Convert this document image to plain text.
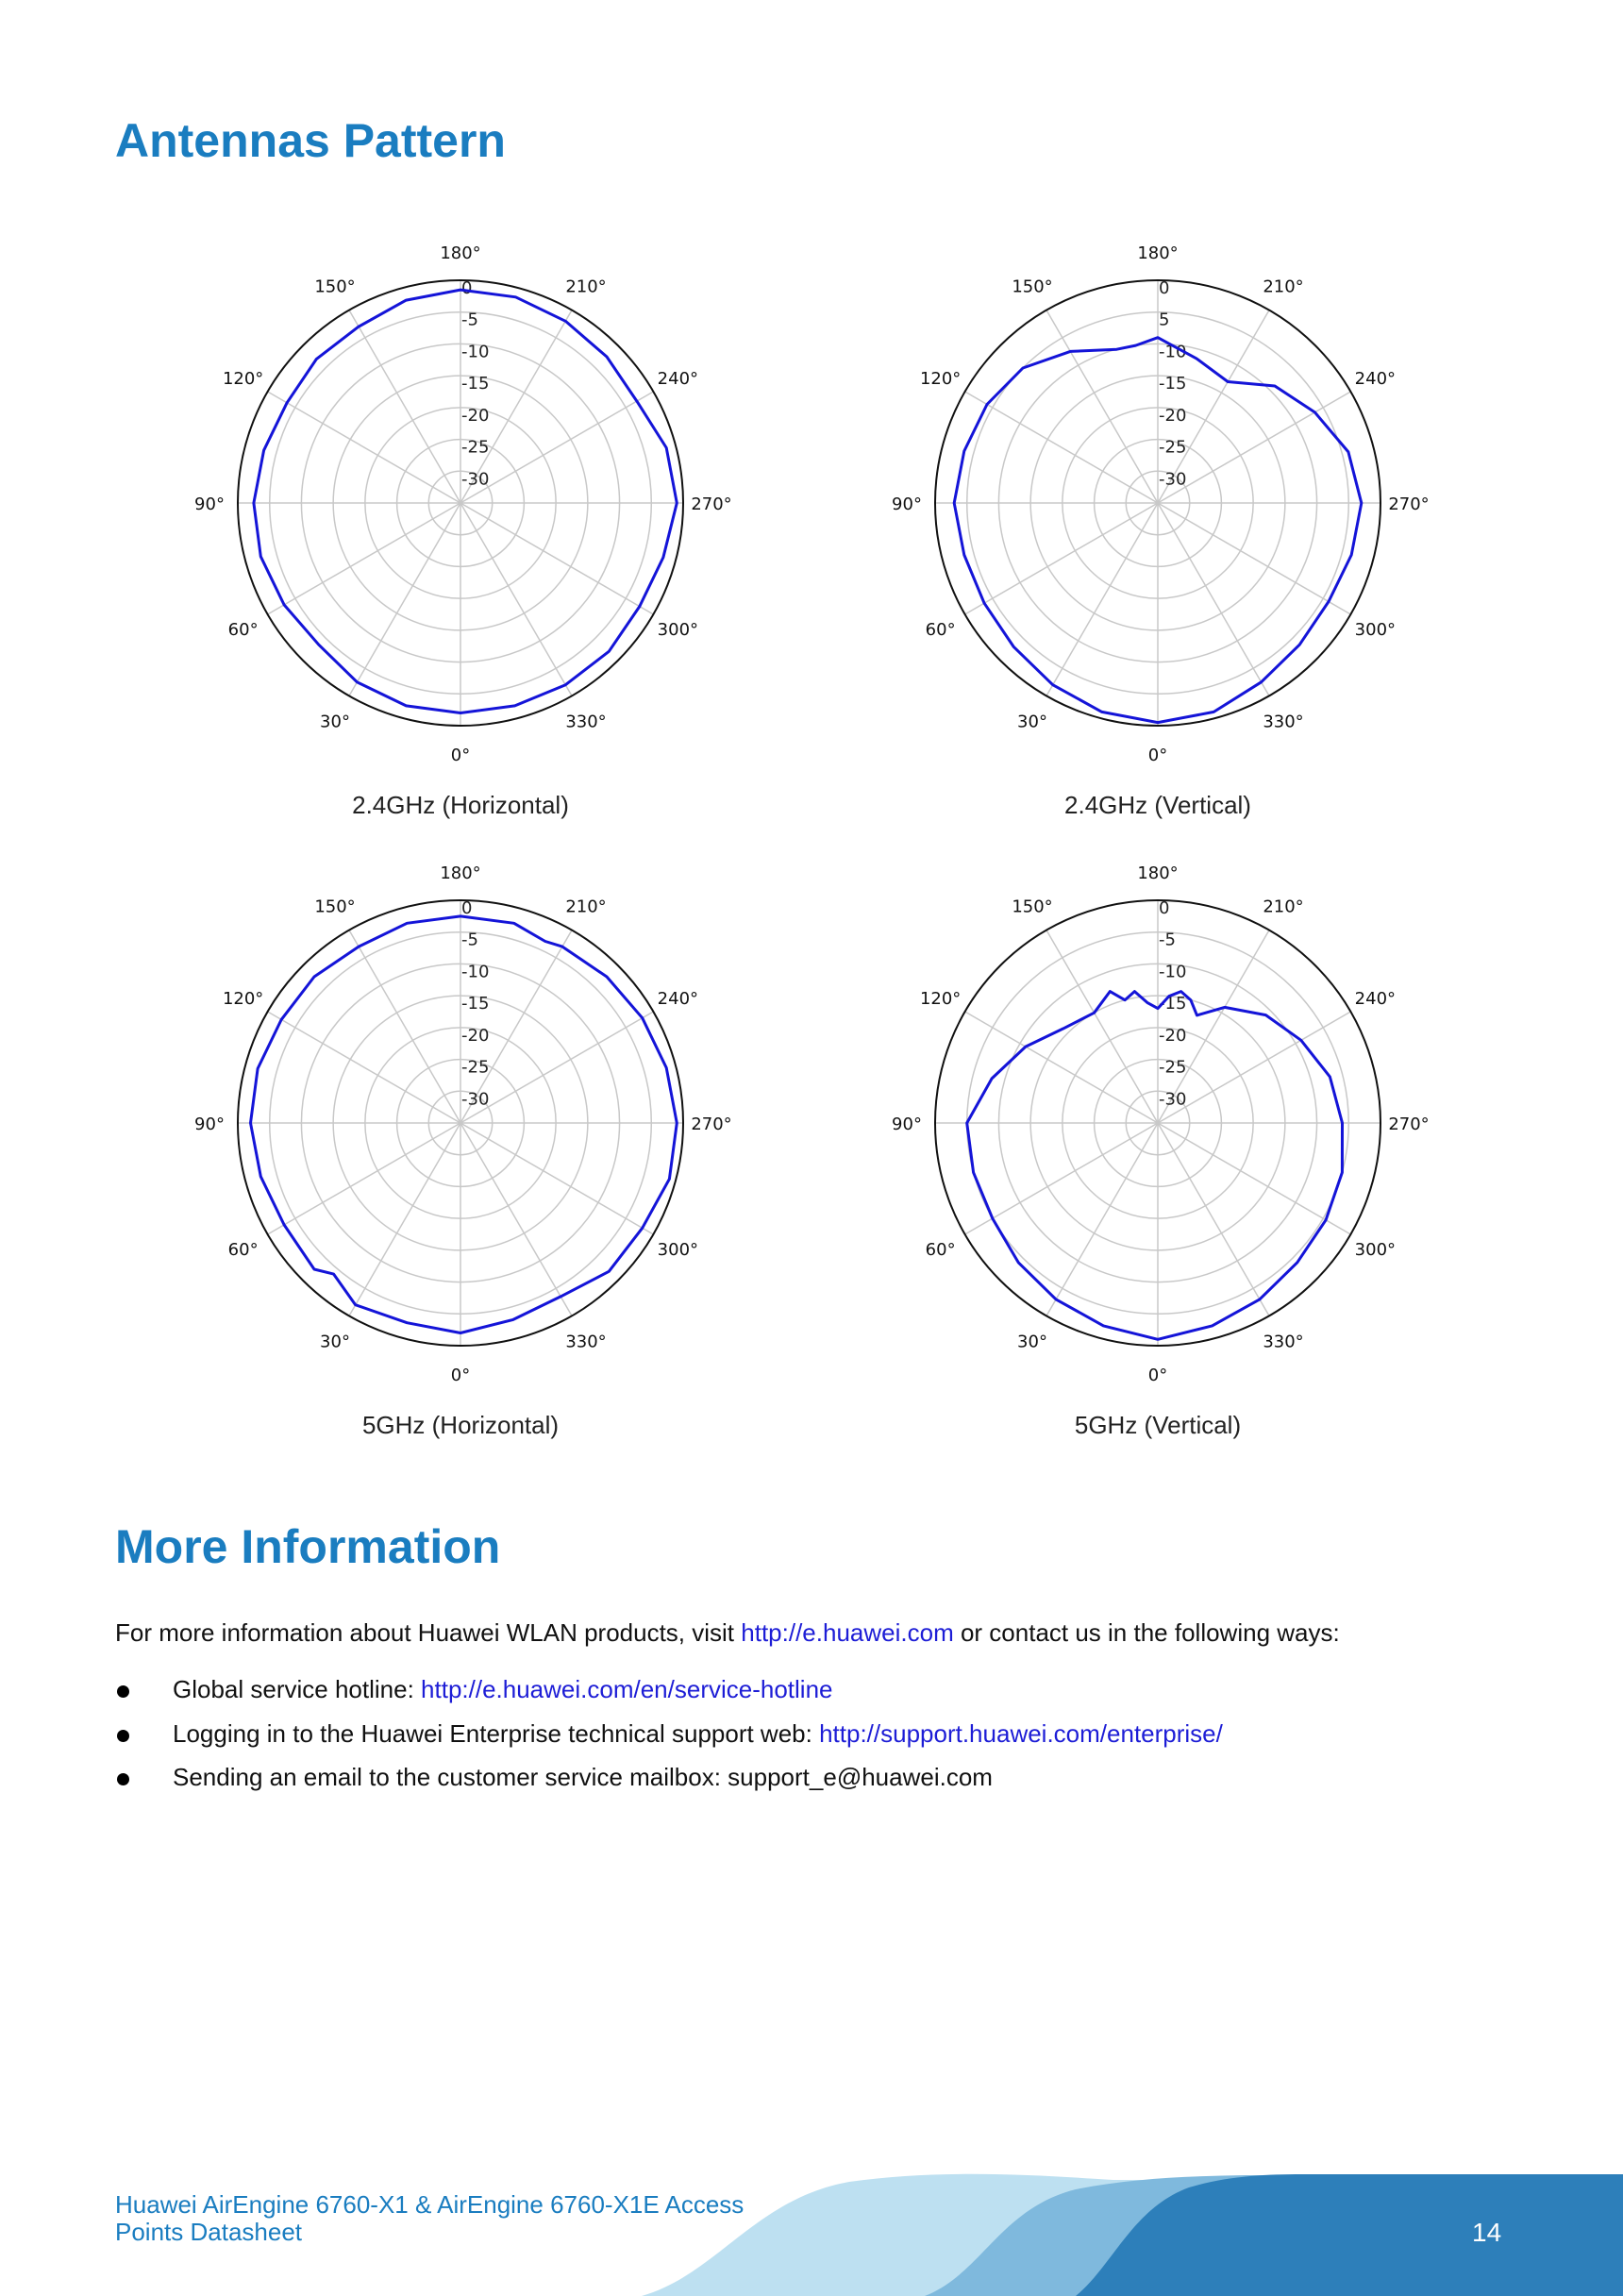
Antennas Pattern
180°
210°
240°
270°
300°
330°
0°
30°
60°
90°
120°
150°	0
-5
-10
-15
-20
-25
-30
2.4GHz (Horizontal)
180°
210°
240°
270°
300°
330°
0°
30°
60°
90°
120°
150°	0
5
-10
-15
-20
-25
-30
2.4GHz (Vertical)
180°
210°
240°
270°
300°
330°
0°
30°
60°
90°
120°
150°	0
-5
-10
-15
-20
-25
-30
5GHz (Horizontal)
180°
210°
240°
270°
300°
330°
0°
30°
60°
90°
120°
150°	0
-5
-10
-15
-20
-25
-30
5GHz (Vertical)
More Information
For more information about Huawei WLAN products, visit http://e.huawei.com or contact us in the following ways:
Global service hotline: http://e.huawei.com/en/service-hotline
Logging in to the Huawei Enterprise technical support web: http://support.huawei.com/enterprise/
Sending an email to the customer service mailbox: support_e@huawei.com
Huawei AirEngine 6760-X1 & AirEngine 6760-X1E Access Points Datasheet	14
